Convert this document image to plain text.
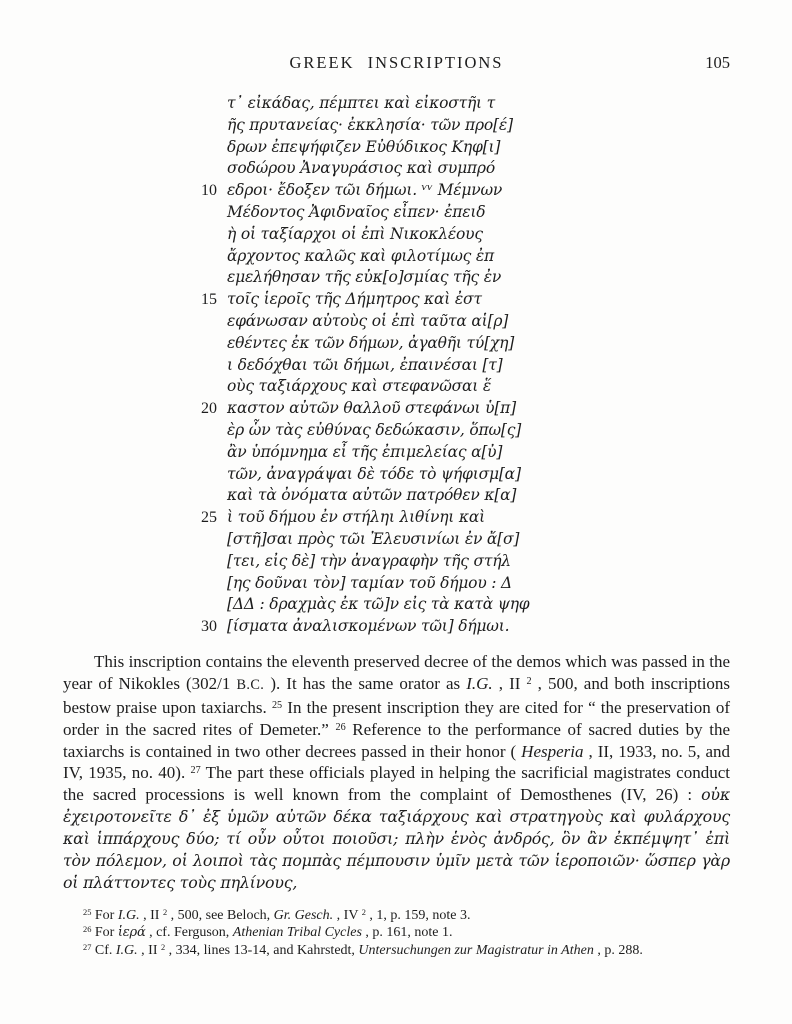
GREEK INSCRIPTIONS	105
τ᾽ εἰκάδας, πέμπτει καὶ εἰκοστῆι τ
ῆς πρυτανείας· ἐκκλησία· τῶν προ[έ]
δρων ἐπεψήφιζεν Εὐθύδικος Κηφ[ι]
σοδώρου Ἀναγυράσιος καὶ συμπρό
10 εδροι· ἔδοξεν τῶι δήμωι. ᵛᵛ Μέμνων
Μέδοντος Ἀφιδναῖος εἶπεν· ἐπειδ
ὴ οἱ ταξίαρχοι οἱ ἐπὶ Νικοκλέους
ἄρχοντος καλῶς καὶ φιλοτίμως ἐπ
εμελήθησαν τῆς εὐκ[ο]σμίας τῆς ἐν
15 τοῖς ἱεροῖς τῆς Δήμητρος καὶ ἐστ
εφάνωσαν αὐτοὺς οἱ ἐπὶ ταῦτα αἱ[ρ]
εθέντες ἐκ τῶν δήμων, ἀγαθῆι τύ[χη]
ι δεδόχθαι τῶι δήμωι, ἐπαινέσαι [τ]
οὺς ταξιάρχους καὶ στεφανῶσαι ἕ
20 καστον αὐτῶν θαλλοῦ στεφάνωι ὑ[π]
ὲρ ὧν τὰς εὐθύνας δεδώκασιν, ὅπω[ς]
ἂν ὑπόμνημα εἶ τῆς ἐπιμελείας α[ὐ]
τῶν, ἀναγράψαι δὲ τόδε τὸ ψήφισμ[α]
καὶ τὰ ὀνόματα αὐτῶν πατρόθεν κ[α]
25 ὶ τοῦ δήμου ἐν στήληι λιθίνηι καὶ
[στῆ]σαι πρὸς τῶι Ἐλευσινίωι ἐν ἄ[σ]
[τει, εἰς δὲ] τὴν ἀναγραφὴν τῆς στήλ
[ης δοῦναι τὸν] ταμίαν τοῦ δήμου : Δ
[ΔΔ : δραχμὰς ἐκ τῶ]ν εἰς τὰ κατὰ ψηφ
30 [ίσματα ἀναλισκομένων τῶι] δήμωι.

This inscription contains the eleventh preserved decree of the demos which was passed in the year of Nikokles (302/1 B.C. ). It has the same orator as I.G. , II $^2$ , 500, and both inscriptions bestow praise upon taxiarchs. $^{25}$ In the present inscription they are cited for “ the preservation of order in the sacred rites of Demeter.” $^{26}$ Reference to the performance of sacred duties by the taxiarchs is contained in two other decrees passed in their honor ( Hesperia , II, 1933, no. 5, and IV, 1935, no. 40). $^{27}$ The part these officials played in helping the sacrificial magistrates conduct the sacred processions is well known from the complaint of Demosthenes (IV, 26) : οὐκ ἐχειροτονεῖτε δ᾽ ἐξ ὑμῶν αὐτῶν δέκα ταξιάρχους καὶ στρατηγοὺς καὶ φυλάρχους καὶ ἱππάρχους δύο; τί οὖν οὗτοι ποιοῦσι; πλὴν ἑνὸς ἀνδρός, ὃν ἂν ἐκπέμψητ᾽ ἐπὶ τὸν πόλεμον, οἱ λοιποὶ τὰς πομπὰς πέμπουσιν ὑμῖν μετὰ τῶν ἱεροποιῶν· ὥσπερ γὰρ οἱ πλάττοντες τοὺς πηλίνους,

$^{25}$ For I.G. , II $^2$ , 500, see Beloch, Gr. Gesch. , IV $^2$ , 1, p. 159, note 3.

$^{26}$ For ἱερά , cf. Ferguson, Athenian Tribal Cycles , p. 161, note 1.

$^{27}$ Cf. I.G. , II $^2$ , 334, lines 13-14, and Kahrstedt, Untersuchungen zur Magistratur in Athen , p. 288.
